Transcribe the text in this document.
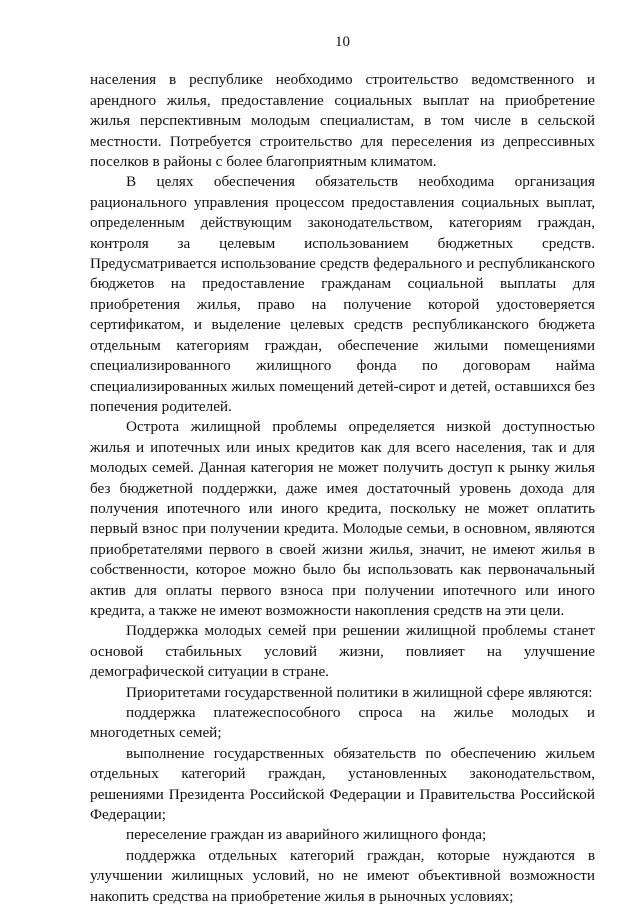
10

населения в республике необходимо строительство ведомственного и арендного жилья, предоставление социальных выплат на приобретение жилья перспективным молодым специалистам, в том числе в сельской местности. Потребуется строительство для переселения из депрессивных поселков в районы с более благоприятным климатом.

В целях обеспечения обязательств необходима организация рационального управления процессом предоставления социальных выплат, определенным действующим законодательством, категориям граждан, контроля за целевым использованием бюджетных средств. Предусматривается использование средств федерального и республиканского бюджетов на предоставление гражданам социальной выплаты для приобретения жилья, право на получение которой удостоверяется сертификатом, и выделение целевых средств республиканского бюджета отдельным категориям граждан, обеспечение жилыми помещениями специализированного жилищного фонда по договорам найма специализированных жилых помещений детей-сирот и детей, оставшихся без попечения родителей.

Острота жилищной проблемы определяется низкой доступностью жилья и ипотечных или иных кредитов как для всего населения, так и для молодых семей. Данная категория не может получить доступ к рынку жилья без бюджетной поддержки, даже имея достаточный уровень дохода для получения ипотечного или иного кредита, поскольку не может оплатить первый взнос при получении кредита. Молодые семьи, в основном, являются приобретателями первого в своей жизни жилья, значит, не имеют жилья в собственности, которое можно было бы использовать как первоначальный актив для оплаты первого взноса при получении ипотечного или иного кредита, а также не имеют возможности накопления средств на эти цели.

Поддержка молодых семей при решении жилищной проблемы станет основой стабильных условий жизни, повлияет на улучшение демографической ситуации в стране.

Приоритетами государственной политики в жилищной сфере являются:

поддержка платежеспособного спроса на жилье молодых и многодетных семей;

выполнение государственных обязательств по обеспечению жильем отдельных категорий граждан, установленных законодательством, решениями Президента Российской Федерации и Правительства Российской Федерации;

переселение граждан из аварийного жилищного фонда;

поддержка отдельных категорий граждан, которые нуждаются в улучшении жилищных условий, но не имеют объективной возможности накопить средства на приобретение жилья в рыночных условиях;
